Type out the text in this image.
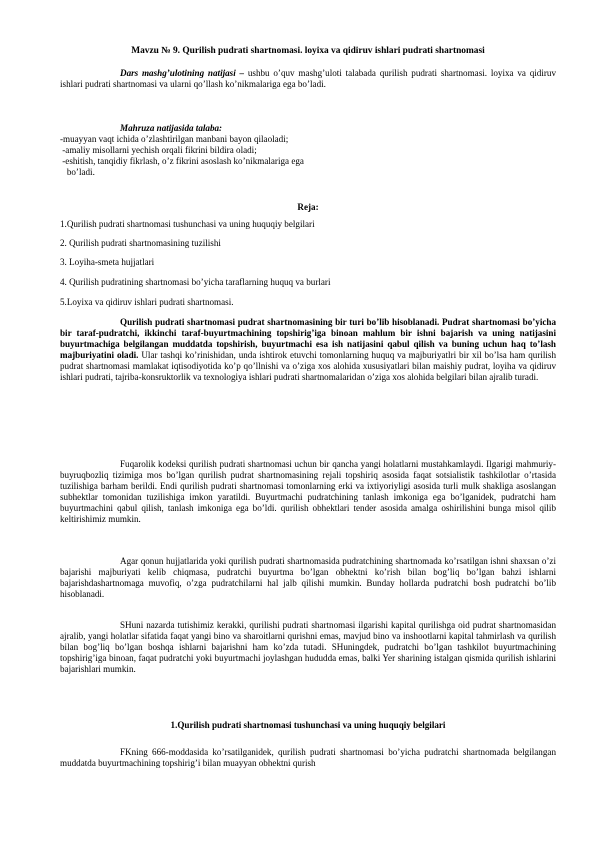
Mavzu № 9. Qurilish pudrati shartnomasi. loyixa va qidiruv ishlari pudrati shartnomasi
Dars mashg’ulotining natijasi – ushbu o’quv mashg’uloti talabada qurilish pudrati shartnomasi. loyixa va qidiruv ishlari pudrati shartnomasi va ularni qo’llash ko’nikmalariga ega bo’ladi.
Mahruza natijasida talaba:
-muayyan vaqt ichida o’zlashtirilgan manbani bayon qilaoladi;
-amaliy misollarni yechish orqali fikrini bildira oladi;
-eshitish, tanqidiy fikrlash, o’z fikrini asoslash ko’nikmalariga ega
bo’ladi.
Reja:
1.Qurilish pudrati shartnomasi tushunchasi va uning huquqiy belgilari
2. Qurilish pudrati shartnomasining tuzilishi
3. Loyiha-smeta hujjatlari
4. Qurilish pudratining shartnomasi bo’yicha taraflarning huquq va burlari
5.Loyixa va qidiruv ishlari pudrati shartnomasi.
Qurilish pudrati shartnomasi pudrat shartnomasining bir turi bo’lib hisoblanadi. Pudrat shartnomasi bo’yicha bir taraf-pudratchi, ikkinchi taraf-buyurtmachining topshirig’iga binoan mahlum bir ishni bajarish va uning natijasini buyurtmachiga belgilangan muddatda topshirish, buyurtmachi esa ish natijasini qabul qilish va buning uchun haq to’lash majburiyatini oladi. Ular tashqi ko’rinishidan, unda ishtirok etuvchi tomonlarning huquq va majburiyatlri bir xil bo’lsa ham qurilish pudrat shartnomasi mamlakat iqtisodiyotida ko’p qo’llnishi va o’ziga xos alohida xususiyatlari bilan maishiy pudrat, loyiha va qidiruv ishlari pudrati, tajriba-konsruktorlik va texnologiya ishlari pudrati shartnomalaridan o’ziga xos alohida belgilari bilan ajralib turadi.
Fuqarolik kodeksi qurilish pudrati shartnomasi uchun bir qancha yangi holatlarni mustahkamlaydi. Ilgarigi mahmuriy-buyruqbozliq tizimiga mos bo’lgan qurilish pudrat shartnomasining rejali topshiriq asosida faqat sotsialistik tashkilotlar o’rtasida tuzilishiga barham berildi. Endi qurilish pudrati shartnomasi tomonlarning erki va ixtiyoriyligi asosida turli mulk shakliga asoslangan subhektlar tomonidan tuzilishiga imkon yaratildi. Buyurtmachi pudratchining tanlash imkoniga ega bo’lganidek, pudratchi ham buyurtmachini qabul qilish, tanlash imkoniga ega bo’ldi. qurilish obhektlari tender asosida amalga oshirilishini bunga misol qilib keltirishimiz mumkin.
Agar qonun hujjatlarida yoki qurilish pudrati shartnomasida pudratchining shartnomada ko’rsatilgan ishni shaxsan o’zi bajarishi majburiyati kelib chiqmasa, pudratchi buyurtma bo’lgan obhektni ko’rish bilan bog’liq bo’lgan bahzi ishlarni bajarishdashartnomaga muvofiq, o’zga pudratchilarni hal jalb qilishi mumkin. Bunday hollarda pudratchi bosh pudratchi bo’lib hisoblanadi.
SHuni nazarda tutishimiz kerakki, qurilishi pudrati shartnomasi ilgarishi kapital qurilishga oid pudrat shartnomasidan ajralib, yangi holatlar sifatida faqat yangi bino va sharoitlarni qurishni emas, mavjud bino va inshootlarni kapital tahmirlash va qurilish bilan bog’liq bo’lgan boshqa ishlarni bajarishni ham ko’zda tutadi. SHuningdek, pudratchi bo’lgan tashkilot buyurtmachining topshirig’iga binoan, faqat pudratchi yoki buyurtmachi joylashgan hududda emas, balki Yer sharining istalgan qismida qurilish ishlarini bajarishlari mumkin.
1.Qurilish pudrati shartnomasi tushunchasi va uning huquqiy belgilari
FKning 666-moddasida ko’rsatilganidek, qurilish pudrati shartnomasi bo’yicha pudratchi shartnomada belgilangan muddatda buyurtmachining topshirig’i bilan muayyan obhektni qurish
